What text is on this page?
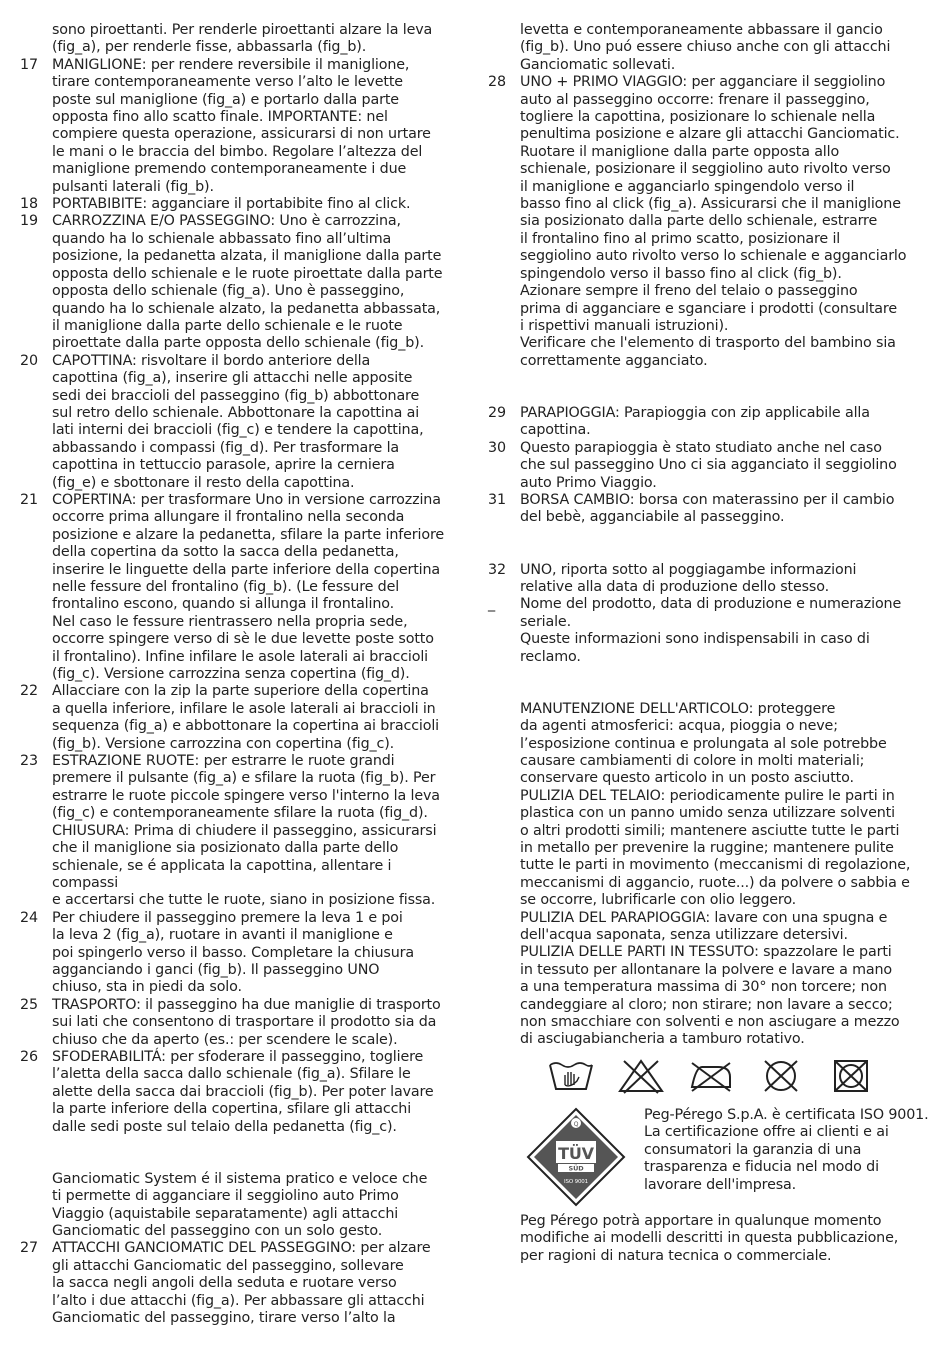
sono piroettanti. Per renderle piroettanti alzare la leva
(fig_a), per renderle fisse, abbassarla (fig_b).
17 MANIGLIONE: per rendere reversibile il maniglione,
tirare contemporaneamente verso l’alto le levette
poste sul maniglione (fig_a) e portarlo dalla parte
opposta fino allo scatto finale. IMPORTANTE: nel
compiere questa operazione, assicurarsi di non urtare
le mani o le braccia del bimbo. Regolare l’altezza del
maniglione premendo contemporaneamente i due
pulsanti laterali (fig_b).
18 PORTABIBITE: agganciare il portabibite fino al click.
19 CARROZZINA E/O PASSEGGINO: Uno è carrozzina,
quando ha lo schienale abbassato fino all’ultima
posizione, la pedanetta alzata, il maniglione dalla parte
opposta dello schienale e le ruote piroettate dalla parte
opposta dello schienale (fig_a). Uno è passeggino,
quando ha lo schienale alzato, la pedanetta abbassata,
il maniglione dalla parte dello schienale e le ruote
piroettate dalla parte opposta dello schienale (fig_b).
20 CAPOTTINA: risvoltare il bordo anteriore della
capottina (fig_a), inserire gli attacchi nelle apposite
sedi dei braccioli del passeggino (fig_b) abbottonare
sul retro dello schienale. Abbottonare la capottina ai
lati interni dei braccioli (fig_c) e tendere la capottina,
abbassando i compassi (fig_d). Per trasformare la
capottina in tettuccio parasole, aprire la cerniera
(fig_e) e sbottonare il resto della capottina.
21 COPERTINA: per trasformare Uno in versione carrozzina
occorre prima allungare il frontalino nella seconda
posizione e alzare la pedanetta, sfilare la parte inferiore
della copertina da sotto la sacca della pedanetta,
inserire le linguette della parte inferiore della copertina
nelle fessure del frontalino (fig_b). (Le fessure del
frontalino escono, quando si allunga il frontalino.
Nel caso le fessure rientrassero nella propria sede,
occorre spingere verso di sè le due levette poste sotto
il frontalino). Infine infilare le asole laterali ai braccioli
(fig_c). Versione carrozzina senza copertina (fig_d).
22 Allacciare con la zip la parte superiore della copertina
a quella inferiore, infilare le asole laterali ai braccioli in
sequenza (fig_a) e abbottonare la copertina ai braccioli
(fig_b). Versione carrozzina con copertina (fig_c).
23 ESTRAZIONE RUOTE: per estrarre le ruote grandi
premere il pulsante (fig_a) e sfilare la ruota (fig_b). Per
estrarre le ruote piccole spingere verso l'interno la leva
(fig_c) e contemporaneamente sfilare la ruota (fig_d).
CHIUSURA: Prima di chiudere il passeggino, assicurarsi
che il maniglione sia posizionato dalla parte dello
schienale, se é applicata la capottina, allentare i compassi
e accertarsi che tutte le ruote, siano in posizione fissa.
24 Per chiudere il passeggino premere la leva 1 e poi
la leva 2 (fig_a), ruotare in avanti il maniglione e
poi spingerlo verso il basso. Completare la chiusura
agganciando i ganci (fig_b). Il passeggino UNO
chiuso, sta in piedi da solo.
25 TRASPORTO: il passeggino ha due maniglie di trasporto
sui lati che consentono di trasportare il prodotto sia da
chiuso che da aperto (es.: per scendere le scale).
26 SFODERABILITÁ: per sfoderare il passeggino, togliere
l’aletta della sacca dallo schienale (fig_a). Sfilare le
alette della sacca dai braccioli (fig_b). Per poter lavare
la parte inferiore della copertina, sfilare gli attacchi
dalle sedi poste sul telaio della pedanetta (fig_c).
Ganciomatic System é il sistema pratico e veloce che
ti permette di agganciare il seggiolino auto Primo
Viaggio (aquistabile separatamente) agli attacchi
Ganciomatic del passeggino con un solo gesto.
27 ATTACCHI GANCIOMATIC DEL PASSEGGINO: per alzare
gli attacchi Ganciomatic del passeggino, sollevare
la sacca negli angoli della seduta e ruotare verso
l’alto i due attacchi (fig_a). Per abbassare gli attacchi
Ganciomatic del passeggino, tirare verso l’alto la
levetta e contemporaneamente abbassare il gancio
(fig_b). Uno puó essere chiuso anche con gli attacchi
Ganciomatic sollevati.
28 UNO + PRIMO VIAGGIO: per agganciare il seggiolino
auto al passeggino occorre: frenare il passeggino,
togliere la capottina, posizionare lo schienale nella
penultima posizione e alzare gli attacchi Ganciomatic.
Ruotare il maniglione dalla parte opposta allo
schienale, posizionare il seggiolino auto rivolto verso
il maniglione e agganciarlo spingendolo verso il
basso fino al click (fig_a). Assicurarsi che il maniglione
sia posizionato dalla parte dello schienale, estrarre
il frontalino fino al primo scatto, posizionare il
seggiolino auto rivolto verso lo schienale e agganciarlo
spingendolo verso il basso fino al click (fig_b).
Azionare sempre il freno del telaio o passeggino
prima di agganciare e sganciare i prodotti (consultare
i rispettivi manuali istruzioni).
Verificare che l'elemento di trasporto del bambino sia
correttamente agganciato.
29 PARAPIOGGIA: Parapioggia con zip applicabile alla
capottina.
30 Questo parapioggia è stato studiato anche nel caso
che sul passeggino Uno ci sia agganciato il seggiolino
auto Primo Viaggio.
31 BORSA CAMBIO: borsa con materassino per il cambio
del bebè, agganciabile al passeggino.
32 UNO, riporta sotto al poggiagambe informazioni
relative alla data di produzione dello stesso.
_	Nome del prodotto, data di produzione e numerazione
seriale.
Queste informazioni sono indispensabili in caso di
reclamo.
MANUTENZIONE DELL'ARTICOLO: proteggere
da agenti atmosferici: acqua, pioggia o neve;
l’esposizione continua e prolungata al sole potrebbe
causare cambiamenti di colore in molti materiali;
conservare questo articolo in un posto asciutto.
PULIZIA DEL TELAIO: periodicamente pulire le parti in
plastica con un panno umido senza utilizzare solventi
o altri prodotti simili; mantenere asciutte tutte le parti
in metallo per prevenire la ruggine; mantenere pulite
tutte le parti in movimento (meccanismi di regolazione,
meccanismi di aggancio, ruote...) da polvere o sabbia e
se occorre, lubrificarle con olio leggero.
PULIZIA DEL PARAPIOGGIA: lavare con una spugna e
dell'acqua saponata, senza utilizzare detersivi.
PULIZIA DELLE PARTI IN TESSUTO: spazzolare le parti
in tessuto per allontanare la polvere e lavare a mano
a una temperatura massima di 30° non torcere; non
candeggiare al cloro; non stirare; non lavare a secco;
non smacchiare con solventi e non asciugare a mezzo
di asciugabiancheria a tamburo rotativo.
Q
TÜV
SÜD
ISO 9001
Peg-Pérego S.p.A. è certificata ISO 9001.
La certificazione offre ai clienti e ai
consumatori la garanzia di una
trasparenza e fiducia nel modo di
lavorare dell'impresa.
Peg Pérego potrà apportare in qualunque momento
modifiche ai modelli descritti in questa pubblicazione,
per ragioni di natura tecnica o commerciale.
